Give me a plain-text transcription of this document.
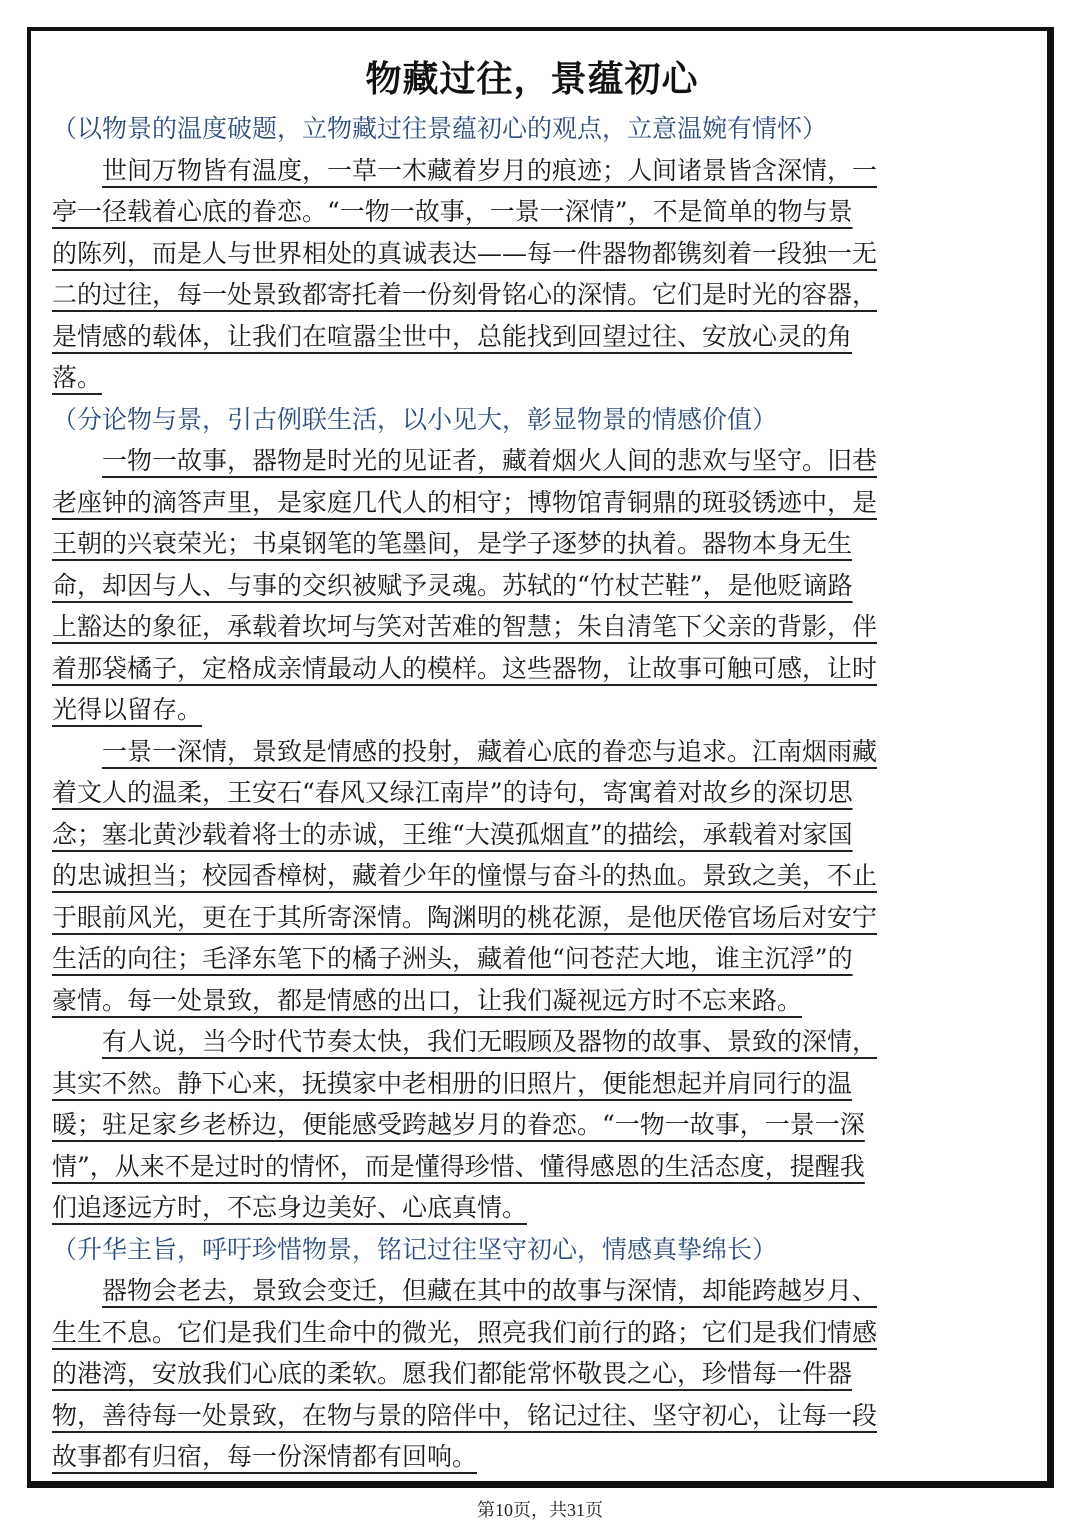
物藏过往，景蕴初心
（以物景的温度破题，立物藏过往景蕴初心的观点，立意温婉有情怀）
世间万物皆有温度，一草一木藏着岁月的痕迹；人间诸景皆含深情，一
亭一径载着心底的眷恋。“一物一故事，一景一深情”，不是简单的物与景
的陈列，而是人与世界相处的真诚表达——每一件器物都镌刻着一段独一无
二的过往，每一处景致都寄托着一份刻骨铭心的深情。它们是时光的容器，
是情感的载体，让我们在喧嚣尘世中，总能找到回望过往、安放心灵的角
落。
（分论物与景，引古例联生活，以小见大，彰显物景的情感价值）
一物一故事，器物是时光的见证者，藏着烟火人间的悲欢与坚守。旧巷
老座钟的滴答声里，是家庭几代人的相守；博物馆青铜鼎的斑驳锈迹中，是
王朝的兴衰荣光；书桌钢笔的笔墨间，是学子逐梦的执着。器物本身无生
命，却因与人、与事的交织被赋予灵魂。苏轼的“竹杖芒鞋”，是他贬谪路
上豁达的象征，承载着坎坷与笑对苦难的智慧；朱自清笔下父亲的背影，伴
着那袋橘子，定格成亲情最动人的模样。这些器物，让故事可触可感，让时
光得以留存。
一景一深情，景致是情感的投射，藏着心底的眷恋与追求。江南烟雨藏
着文人的温柔，王安石“春风又绿江南岸”的诗句，寄寓着对故乡的深切思
念；塞北黄沙载着将士的赤诚，王维“大漠孤烟直”的描绘，承载着对家国
的忠诚担当；校园香樟树，藏着少年的憧憬与奋斗的热血。景致之美，不止
于眼前风光，更在于其所寄深情。陶渊明的桃花源，是他厌倦官场后对安宁
生活的向往；毛泽东笔下的橘子洲头，藏着他“问苍茫大地，谁主沉浮”的
豪情。每一处景致，都是情感的出口，让我们凝视远方时不忘来路。
有人说，当今时代节奏太快，我们无暇顾及器物的故事、景致的深情，
其实不然。静下心来，抚摸家中老相册的旧照片，便能想起并肩同行的温
暖；驻足家乡老桥边，便能感受跨越岁月的眷恋。“一物一故事，一景一深
情”，从来不是过时的情怀，而是懂得珍惜、懂得感恩的生活态度，提醒我
们追逐远方时，不忘身边美好、心底真情。
（升华主旨，呼吁珍惜物景，铭记过往坚守初心，情感真挚绵长）
器物会老去，景致会变迁，但藏在其中的故事与深情，却能跨越岁月、
生生不息。它们是我们生命中的微光，照亮我们前行的路；它们是我们情感
的港湾，安放我们心底的柔软。愿我们都能常怀敬畏之心，珍惜每一件器
物，善待每一处景致，在物与景的陪伴中，铭记过往、坚守初心，让每一段
故事都有归宿，每一份深情都有回响。
第10页，共31页
